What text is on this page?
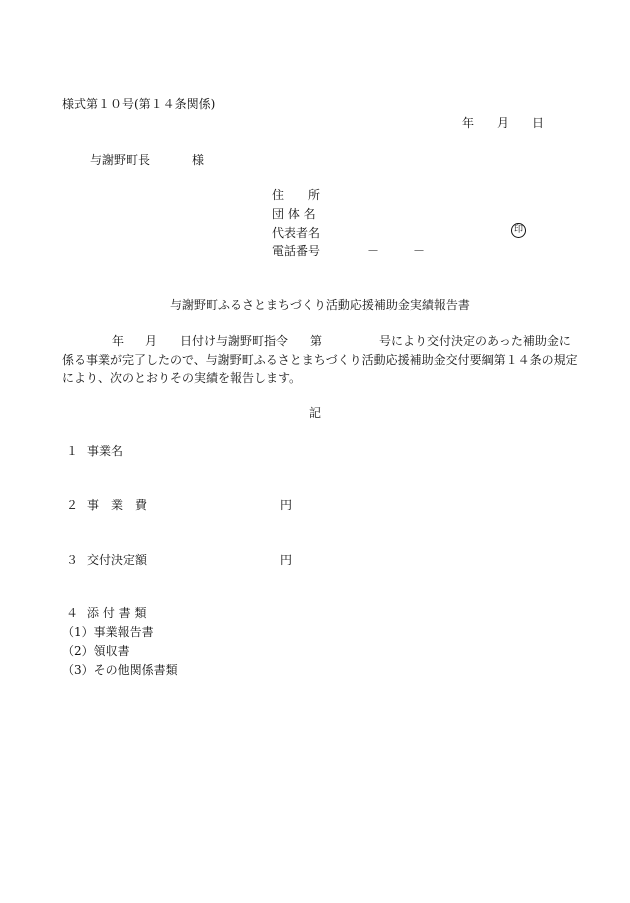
様式第１０号(第１４条関係)
年 月 日
与謝野町長	様
住　　所
団 体 名
代表者名	印
電話番号	－	－
与謝野町ふるさとまちづくり活動応援補助金実績報告書
年 月 日付け与謝野町指令 第	号により交付決定のあった補助金に
係る事業が完了したので、与謝野町ふるさとまちづくり活動応援補助金交付要綱第１４条の規定
により、次のとおりその実績を報告します。
記
１ 事業名
２ 事　業　費	円
３ 交付決定額	円
４ 添 付 書 類
（1）事業報告書
（2）領収書
（3）その他関係書類
